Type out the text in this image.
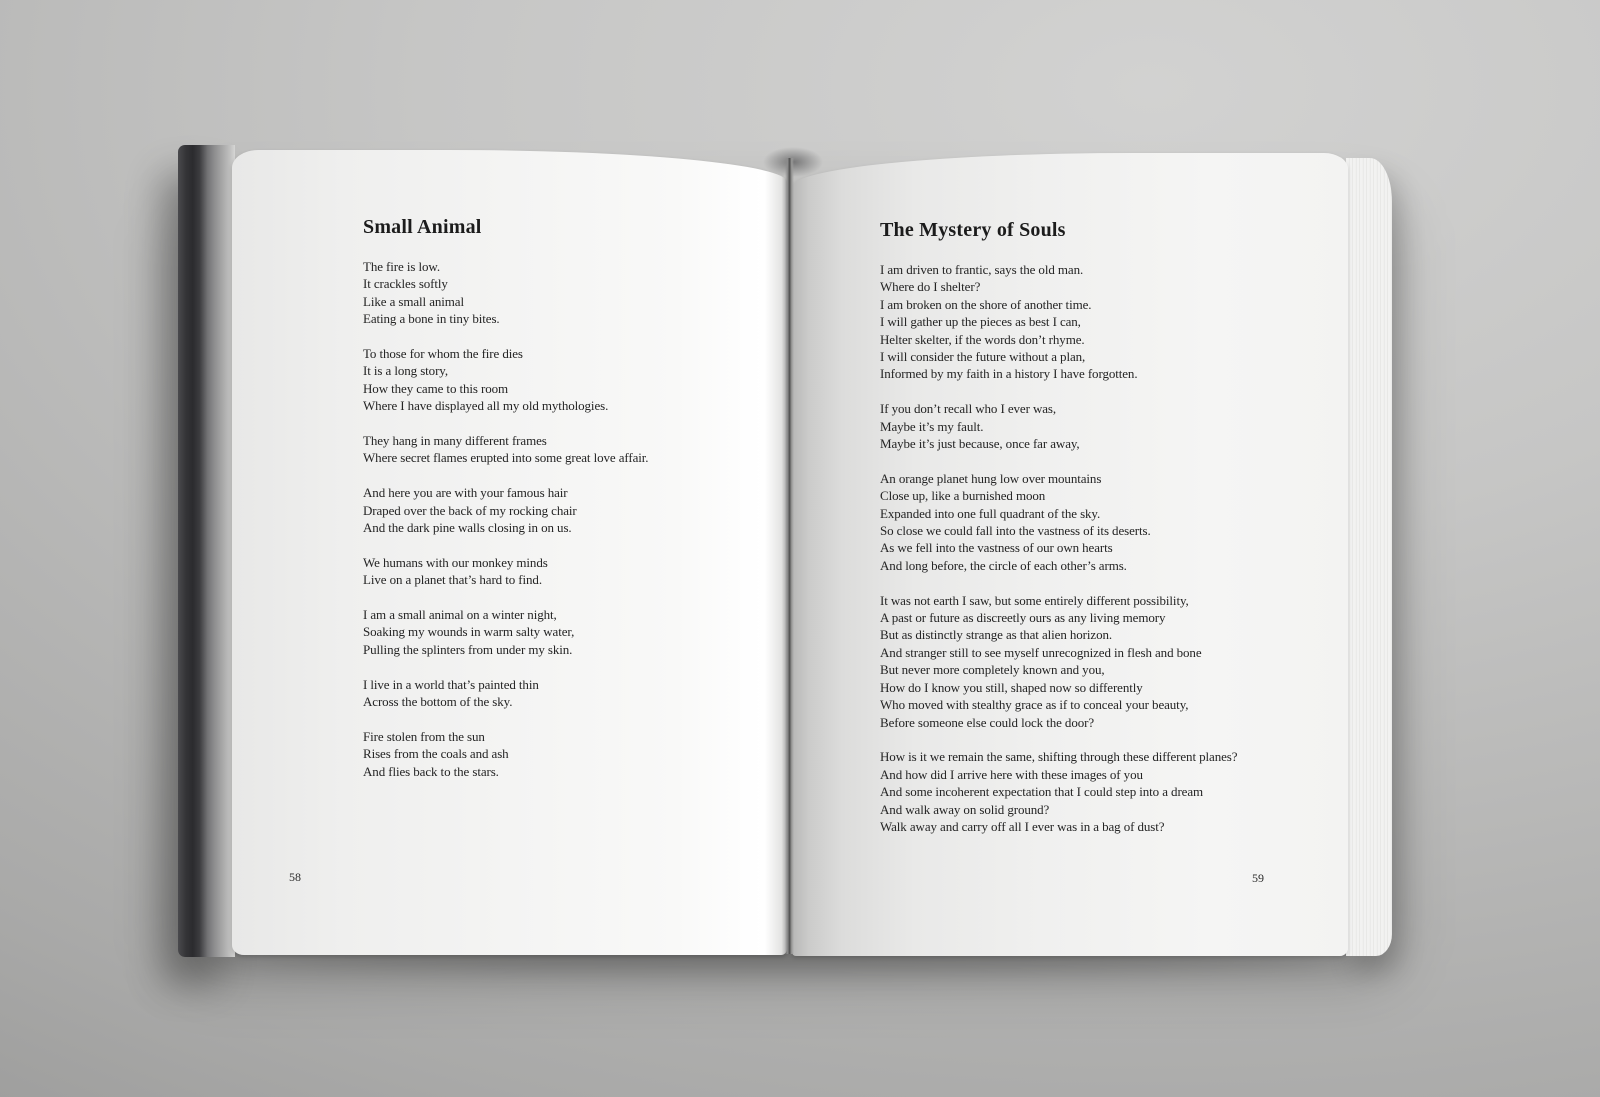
Small Animal
The fire is low.
It crackles softly
Like a small animal
Eating a bone in tiny bites.
To those for whom the fire dies
It is a long story,
How they came to this room
Where I have displayed all my old mythologies.
They hang in many different frames
Where secret flames erupted into some great love affair.
And here you are with your famous hair
Draped over the back of my rocking chair
And the dark pine walls closing in on us.
We humans with our monkey minds
Live on a planet that’s hard to find.
I am a small animal on a winter night,
Soaking my wounds in warm salty water,
Pulling the splinters from under my skin.
I live in a world that’s painted thin
Across the bottom of the sky.
Fire stolen from the sun
Rises from the coals and ash
And flies back to the stars.
58
The Mystery of Souls
I am driven to frantic, says the old man.
Where do I shelter?
I am broken on the shore of another time.
I will gather up the pieces as best I can,
Helter skelter, if the words don’t rhyme.
I will consider the future without a plan,
Informed by my faith in a history I have forgotten.
If you don’t recall who I ever was,
Maybe it’s my fault.
Maybe it’s just because, once far away,
An orange planet hung low over mountains
Close up, like a burnished moon
Expanded into one full quadrant of the sky.
So close we could fall into the vastness of its deserts.
As we fell into the vastness of our own hearts
And long before, the circle of each other’s arms.
It was not earth I saw, but some entirely different possibility,
A past or future as discreetly ours as any living memory
But as distinctly strange as that alien horizon.
And stranger still to see myself unrecognized in flesh and bone
But never more completely known and you,
How do I know you still, shaped now so differently
Who moved with stealthy grace as if to conceal your beauty,
Before someone else could lock the door?
How is it we remain the same, shifting through these different planes?
And how did I arrive here with these images of you
And some incoherent expectation that I could step into a dream
And walk away on solid ground?
Walk away and carry off all I ever was in a bag of dust?
59
